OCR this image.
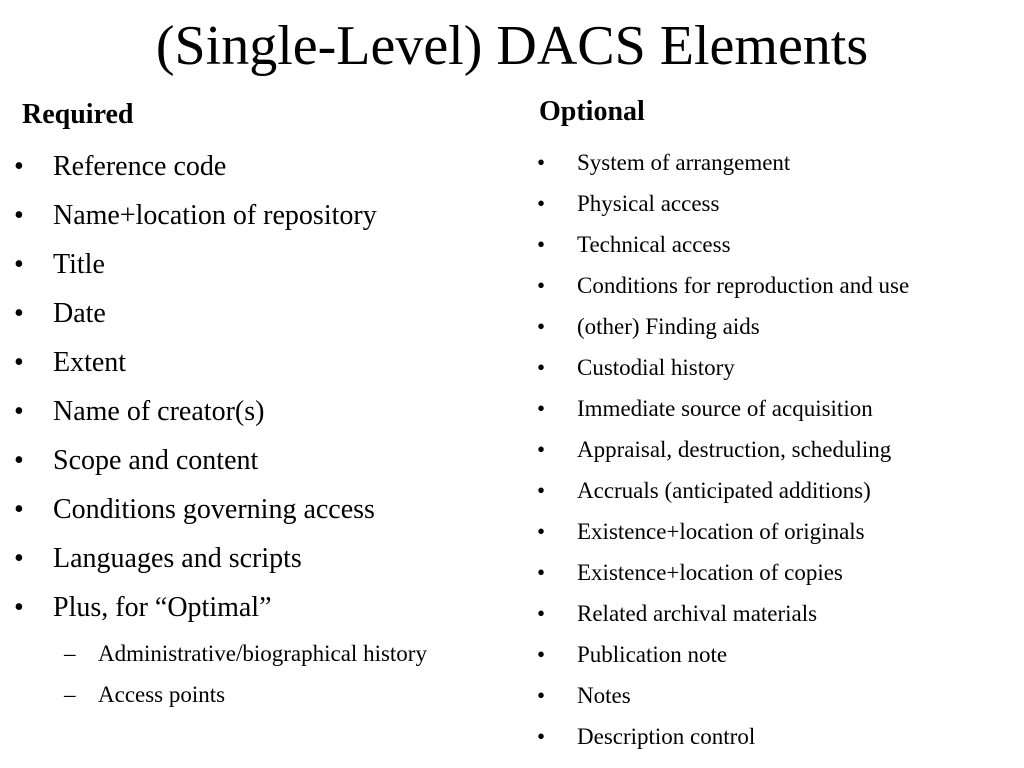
(Single-Level) DACS Elements
Required
• Reference code
• Name+location of repository
• Title
• Date
• Extent
• Name of creator(s)
• Scope and content
• Conditions governing access
• Languages and scripts
• Plus, for “Optimal”
– Administrative/biographical history
– Access points
Optional
• System of arrangement
• Physical access
• Technical access
• Conditions for reproduction and use
• (other) Finding aids
• Custodial history
• Immediate source of acquisition
• Appraisal, destruction, scheduling
• Accruals (anticipated additions)
• Existence+location of originals
• Existence+location of copies
• Related archival materials
• Publication note
• Notes
• Description control
